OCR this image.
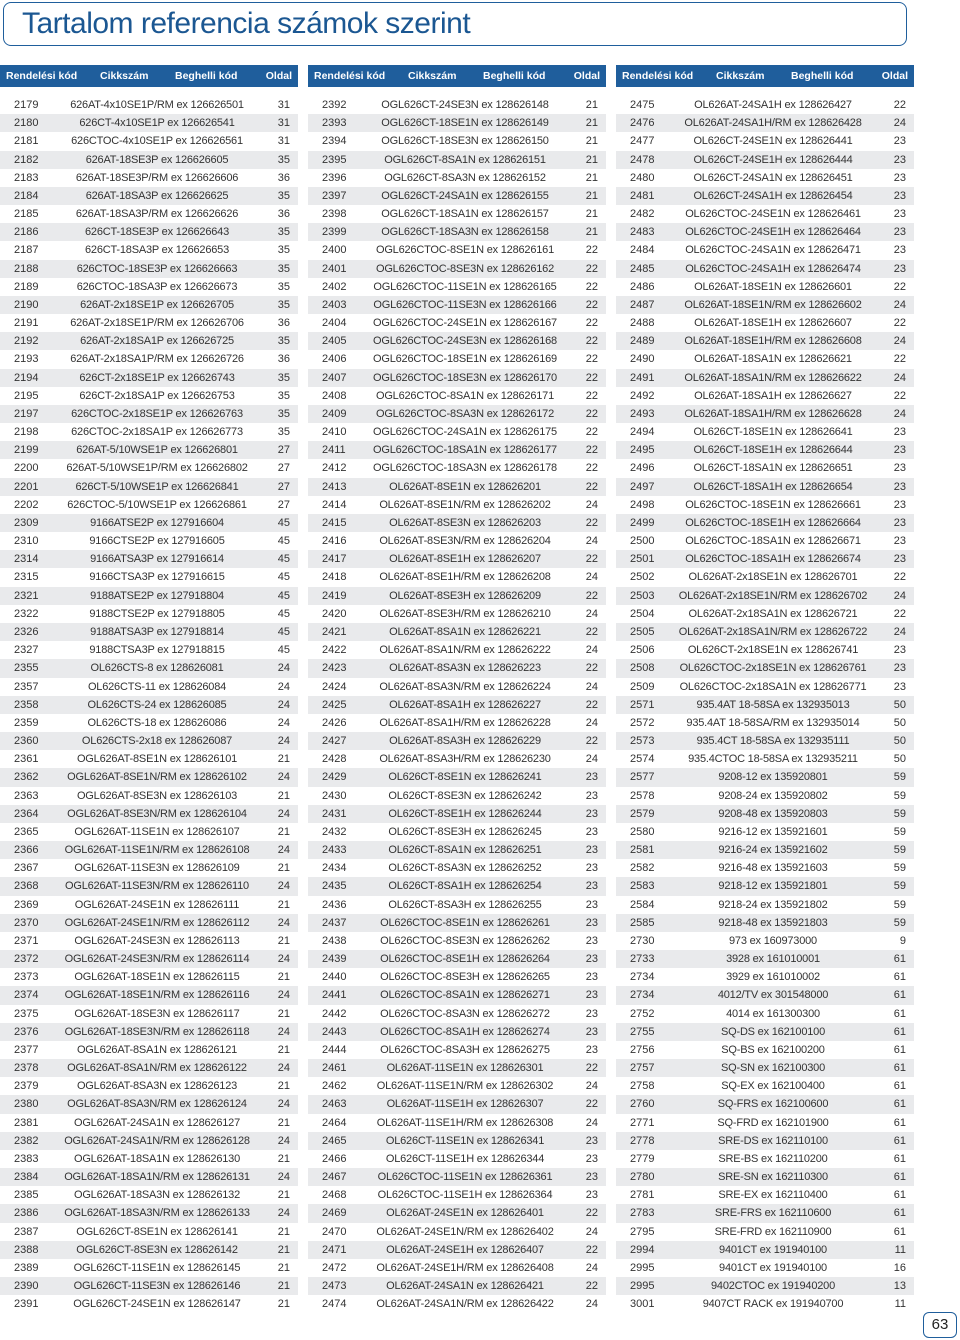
Tartalom referencia számok szerint
Rendelési kód Cikkszám	Beghelli kód	Oldal
2179	626AT-4x10SE1P/RM ex 126626501	31
2180	626CT-4x10SE1P ex 126626541	31
2181	626CTOC-4x10SE1P ex 126626561	31
2182	626AT-18SE3P ex 126626605	35
2183	626AT-18SE3P/RM ex 126626606	36
2184	626AT-18SA3P ex 126626625	35
2185	626AT-18SA3P/RM ex 126626626	36
2186	626CT-18SE3P ex 126626643	35
2187	626CT-18SA3P ex 126626653	35
2188	626CTOC-18SE3P ex 126626663	35
2189	626CTOC-18SA3P ex 126626673	35
2190	626AT-2x18SE1P ex 126626705	35
2191	626AT-2x18SE1P/RM ex 126626706	36
2192	626AT-2x18SA1P ex 126626725	35
2193	626AT-2x18SA1P/RM ex 126626726	36
2194	626CT-2x18SE1P ex 126626743	35
2195	626CT-2x18SA1P ex 126626753	35
2197	626CTOC-2x18SE1P ex 126626763	35
2198	626CTOC-2x18SA1P ex 126626773	35
2199	626AT-5/10WSE1P ex 126626801	27
2200	626AT-5/10WSE1P/RM ex 126626802	27
2201	626CT-5/10WSE1P ex 126626841	27
2202	626CTOC-5/10WSE1P ex 126626861	27
2309	9166ATSE2P ex 127916604	45
2310	9166CTSE2P ex 127916605	45
2314	9166ATSA3P ex 127916614	45
2315	9166CTSA3P ex 127916615	45
2321	9188ATSE2P ex 127918804	45
2322	9188CTSE2P ex 127918805	45
2326	9188ATSA3P ex 127918814	45
2327	9188CTSA3P ex 127918815	45
2355	OL626CTS-8 ex 128626081	24
2357	OL626CTS-11 ex 128626084	24
2358	OL626CTS-24 ex 128626085	24
2359	OL626CTS-18 ex 128626086	24
2360	OL626CTS-2x18 ex 128626087	24
2361	OGL626AT-8SE1N ex 128626101	21
2362	OGL626AT-8SE1N/RM ex 128626102	24
2363	OGL626AT-8SE3N ex 128626103	21
2364	OGL626AT-8SE3N/RM ex 128626104	24
2365	OGL626AT-11SE1N ex 128626107	21
2366	OGL626AT-11SE1N/RM ex 128626108	24
2367	OGL626AT-11SE3N ex 128626109	21
2368	OGL626AT-11SE3N/RM ex 128626110	24
2369	OGL626AT-24SE1N ex 128626111	21
2370	OGL626AT-24SE1N/RM ex 128626112	24
2371	OGL626AT-24SE3N ex 128626113	21
2372	OGL626AT-24SE3N/RM ex 128626114	24
2373	OGL626AT-18SE1N ex 128626115	21
2374	OGL626AT-18SE1N/RM ex 128626116	24
2375	OGL626AT-18SE3N ex 128626117	21
2376	OGL626AT-18SE3N/RM ex 128626118	24
2377	OGL626AT-8SA1N ex 128626121	21
2378	OGL626AT-8SA1N/RM ex 128626122	24
2379	OGL626AT-8SA3N ex 128626123	21
2380	OGL626AT-8SA3N/RM ex 128626124	24
2381	OGL626AT-24SA1N ex 128626127	21
2382	OGL626AT-24SA1N/RM ex 128626128	24
2383	OGL626AT-18SA1N ex 128626130	21
2384	OGL626AT-18SA1N/RM ex 128626131	24
2385	OGL626AT-18SA3N ex 128626132	21
2386	OGL626AT-18SA3N/RM ex 128626133	24
2387	OGL626CT-8SE1N ex 128626141	21
2388	OGL626CT-8SE3N ex 128626142	21
2389	OGL626CT-11SE1N ex 128626145	21
2390	OGL626CT-11SE3N ex 128626146	21
2391	OGL626CT-24SE1N ex 128626147	21
Rendelési kód Cikkszám	Beghelli kód	Oldal
2392	OGL626CT-24SE3N ex 128626148	21
2393	OGL626CT-18SE1N ex 128626149	21
2394	OGL626CT-18SE3N ex 128626150	21
2395	OGL626CT-8SA1N ex 128626151	21
2396	OGL626CT-8SA3N ex 128626152	21
2397	OGL626CT-24SA1N ex 128626155	21
2398	OGL626CT-18SA1N ex 128626157	21
2399	OGL626CT-18SA3N ex 128626158	21
2400	OGL626CTOC-8SE1N ex 128626161	22
2401	OGL626CTOC-8SE3N ex 128626162	22
2402	OGL626CTOC-11SE1N ex 128626165	22
2403	OGL626CTOC-11SE3N ex 128626166	22
2404	OGL626CTOC-24SE1N ex 128626167	22
2405	OGL626CTOC-24SE3N ex 128626168	22
2406	OGL626CTOC-18SE1N ex 128626169	22
2407	OGL626CTOC-18SE3N ex 128626170	22
2408	OGL626CTOC-8SA1N ex 128626171	22
2409	OGL626CTOC-8SA3N ex 128626172	22
2410	OGL626CTOC-24SA1N ex 128626175	22
2411	OGL626CTOC-18SA1N ex 128626177	22
2412	OGL626CTOC-18SA3N ex 128626178	22
2413	OL626AT-8SE1N ex 128626201	22
2414	OL626AT-8SE1N/RM ex 128626202	24
2415	OL626AT-8SE3N ex 128626203	22
2416	OL626AT-8SE3N/RM ex 128626204	24
2417	OL626AT-8SE1H ex 128626207	22
2418	OL626AT-8SE1H/RM ex 128626208	24
2419	OL626AT-8SE3H ex 128626209	22
2420	OL626AT-8SE3H/RM ex 128626210	24
2421	OL626AT-8SA1N ex 128626221	22
2422	OL626AT-8SA1N/RM ex 128626222	24
2423	OL626AT-8SA3N ex 128626223	22
2424	OL626AT-8SA3N/RM ex 128626224	24
2425	OL626AT-8SA1H ex 128626227	22
2426	OL626AT-8SA1H/RM ex 128626228	24
2427	OL626AT-8SA3H ex 128626229	22
2428	OL626AT-8SA3H/RM ex 128626230	24
2429	OL626CT-8SE1N ex 128626241	23
2430	OL626CT-8SE3N ex 128626242	23
2431	OL626CT-8SE1H ex 128626244	23
2432	OL626CT-8SE3H ex 128626245	23
2433	OL626CT-8SA1N ex 128626251	23
2434	OL626CT-8SA3N ex 128626252	23
2435	OL626CT-8SA1H ex 128626254	23
2436	OL626CT-8SA3H ex 128626255	23
2437	OL626CTOC-8SE1N ex 128626261	23
2438	OL626CTOC-8SE3N ex 128626262	23
2439	OL626CTOC-8SE1H ex 128626264	23
2440	OL626CTOC-8SE3H ex 128626265	23
2441	OL626CTOC-8SA1N ex 128626271	23
2442	OL626CTOC-8SA3N ex 128626272	23
2443	OL626CTOC-8SA1H ex 128626274	23
2444	OL626CTOC-8SA3H ex 128626275	23
2461	OL626AT-11SE1N ex 128626301	22
2462	OL626AT-11SE1N/RM ex 128626302	24
2463	OL626AT-11SE1H ex 128626307	22
2464	OL626AT-11SE1H/RM ex 128626308	24
2465	OL626CT-11SE1N ex 128626341	23
2466	OL626CT-11SE1H ex 128626344	23
2467	OL626CTOC-11SE1N ex 128626361	23
2468	OL626CTOC-11SE1H ex 128626364	23
2469	OL626AT-24SE1N ex 128626401	22
2470	OL626AT-24SE1N/RM ex 128626402	24
2471	OL626AT-24SE1H ex 128626407	22
2472	OL626AT-24SE1H/RM ex 128626408	24
2473	OL626AT-24SA1N ex 128626421	22
2474	OL626AT-24SA1N/RM ex 128626422	24
Rendelési kód Cikkszám	Beghelli kód	Oldal
2475	OL626AT-24SA1H ex 128626427	22
2476	OL626AT-24SA1H/RM ex 128626428	24
2477	OL626CT-24SE1N ex 128626441	23
2478	OL626CT-24SE1H ex 128626444	23
2480	OL626CT-24SA1N ex 128626451	23
2481	OL626CT-24SA1H ex 128626454	23
2482	OL626CTOC-24SE1N ex 128626461	23
2483	OL626CTOC-24SE1H ex 128626464	23
2484	OL626CTOC-24SA1N ex 128626471	23
2485	OL626CTOC-24SA1H ex 128626474	23
2486	OL626AT-18SE1N ex 128626601	22
2487	OL626AT-18SE1N/RM ex 128626602	24
2488	OL626AT-18SE1H ex 128626607	22
2489	OL626AT-18SE1H/RM ex 128626608	24
2490	OL626AT-18SA1N ex 128626621	22
2491	OL626AT-18SA1N/RM ex 128626622	24
2492	OL626AT-18SA1H ex 128626627	22
2493	OL626AT-18SA1H/RM ex 128626628	24
2494	OL626CT-18SE1N ex 128626641	23
2495	OL626CT-18SE1H ex 128626644	23
2496	OL626CT-18SA1N ex 128626651	23
2497	OL626CT-18SA1H ex 128626654	23
2498	OL626CTOC-18SE1N ex 128626661	23
2499	OL626CTOC-18SE1H ex 128626664	23
2500	OL626CTOC-18SA1N ex 128626671	23
2501	OL626CTOC-18SA1H ex 128626674	23
2502	OL626AT-2x18SE1N ex 128626701	22
2503	OL626AT-2x18SE1N/RM ex 128626702	24
2504	OL626AT-2x18SA1N ex 128626721	22
2505	OL626AT-2x18SA1N/RM ex 128626722	24
2506	OL626CT-2x18SE1N ex 128626741	23
2508	OL626CTOC-2x18SE1N ex 128626761	23
2509	OL626CTOC-2x18SA1N ex 128626771	23
2571	935.4AT 18-58SA ex 132935013	50
2572	935.4AT 18-58SA/RM ex 132935014	50
2573	935.4CT 18-58SA ex 132935111	50
2574	935.4CTOC 18-58SA ex 132935211	50
2577	9208-12 ex 135920801	59
2578	9208-24 ex 135920802	59
2579	9208-48 ex 135920803	59
2580	9216-12 ex 135921601	59
2581	9216-24 ex 135921602	59
2582	9216-48 ex 135921603	59
2583	9218-12 ex 135921801	59
2584	9218-24 ex 135921802	59
2585	9218-48 ex 135921803	59
2730	973 ex 160973000	9
2733	3928 ex 161010001	61
2734	3929 ex 161010002	61
2734	4012/TV ex 301548000	61
2752	4014 ex 161300300	61
2755	SQ-DS ex 162100100	61
2756	SQ-BS ex 162100200	61
2757	SQ-SN ex 162100300	61
2758	SQ-EX ex 162100400	61
2760	SQ-FRS ex 162100600	61
2771	SQ-FRD ex 162101900	61
2778	SRE-DS ex 162110100	61
2779	SRE-BS ex 162110200	61
2780	SRE-SN ex 162110300	61
2781	SRE-EX ex 162110400	61
2783	SRE-FRS ex 162110600	61
2795	SRE-FRD ex 162110900	61
2994	9401CT ex 191940100	11
2995	9401CT ex 191940100	16
2995	9402CTOC ex 191940200	13
3001	9407CT RACK ex 191940700	11
63
